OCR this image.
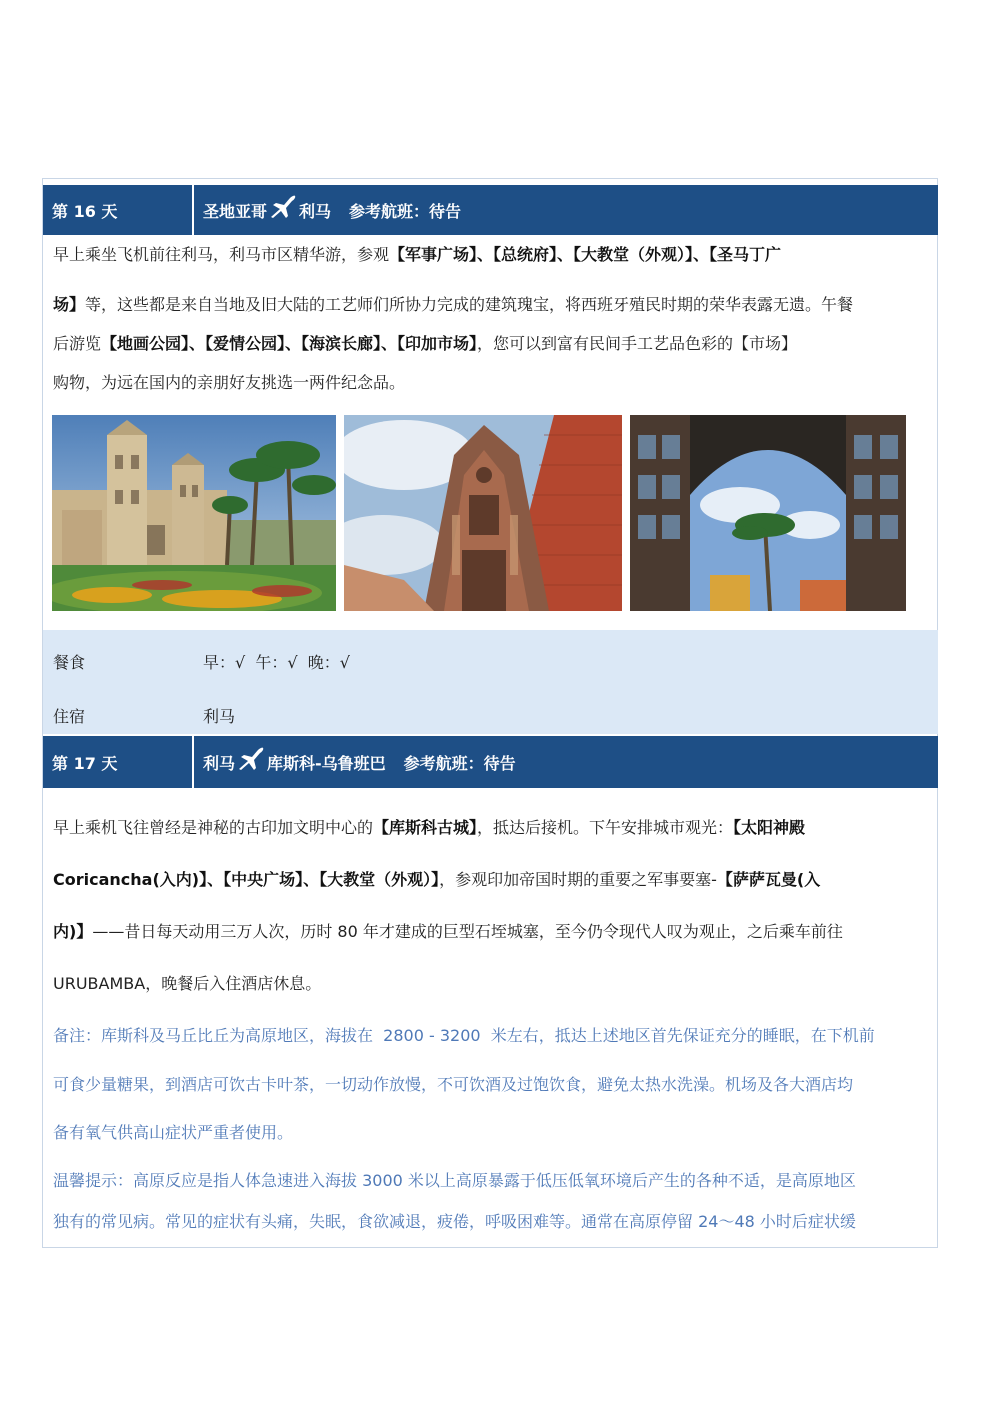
第 16 天	圣地亚哥 利马 参考航班：待告
早上乘坐飞机前往利马，利马市区精华游，参观【军事广场】、【总统府】、【大教堂（外观）】、【圣马丁广
场】等，这些都是来自当地及旧大陆的工艺师们所协力完成的建筑瑰宝，将西班牙殖民时期的荣华表露无遗。午餐
后游览【地画公园】、【爱情公园】、【海滨长廊】、【印加市场】，您可以到富有民间手工艺品色彩的【市场】
购物，为远在国内的亲朋好友挑选一两件纪念品。
餐食	早：√  午：√  晚：√
住宿	利马
第 17 天	利马 库斯科-乌鲁班巴 参考航班：待告
早上乘机飞往曾经是神秘的古印加文明中心的【库斯科古城】，抵达后接机。下午安排城市观光：【太阳神殿
Coricancha(入内)】、【中央广场】、【大教堂（外观）】，参观印加帝国时期的重要之军事要塞-【萨萨瓦曼(入
内)】——昔日每天动用三万人次，历时 80 年才建成的巨型石垤城塞，至今仍令现代人叹为观止，之后乘车前往
URUBAMBA，晚餐后入住酒店休息。
备注：库斯科及马丘比丘为高原地区，海拔在  2800 - 3200  米左右，抵达上述地区首先保证充分的睡眠，在下机前
可食少量糖果，到酒店可饮古卡叶茶，一切动作放慢，不可饮酒及过饱饮食，避免太热水洗澡。机场及各大酒店均
备有氧气供高山症状严重者使用。
温馨提示：高原反应是指人体急速进入海拔 3000 米以上高原暴露于低压低氧环境后产生的各种不适，是高原地区
独有的常见病。常见的症状有头痛，失眠，食欲减退，疲倦，呼吸困难等。通常在高原停留 24～48 小时后症状缓
